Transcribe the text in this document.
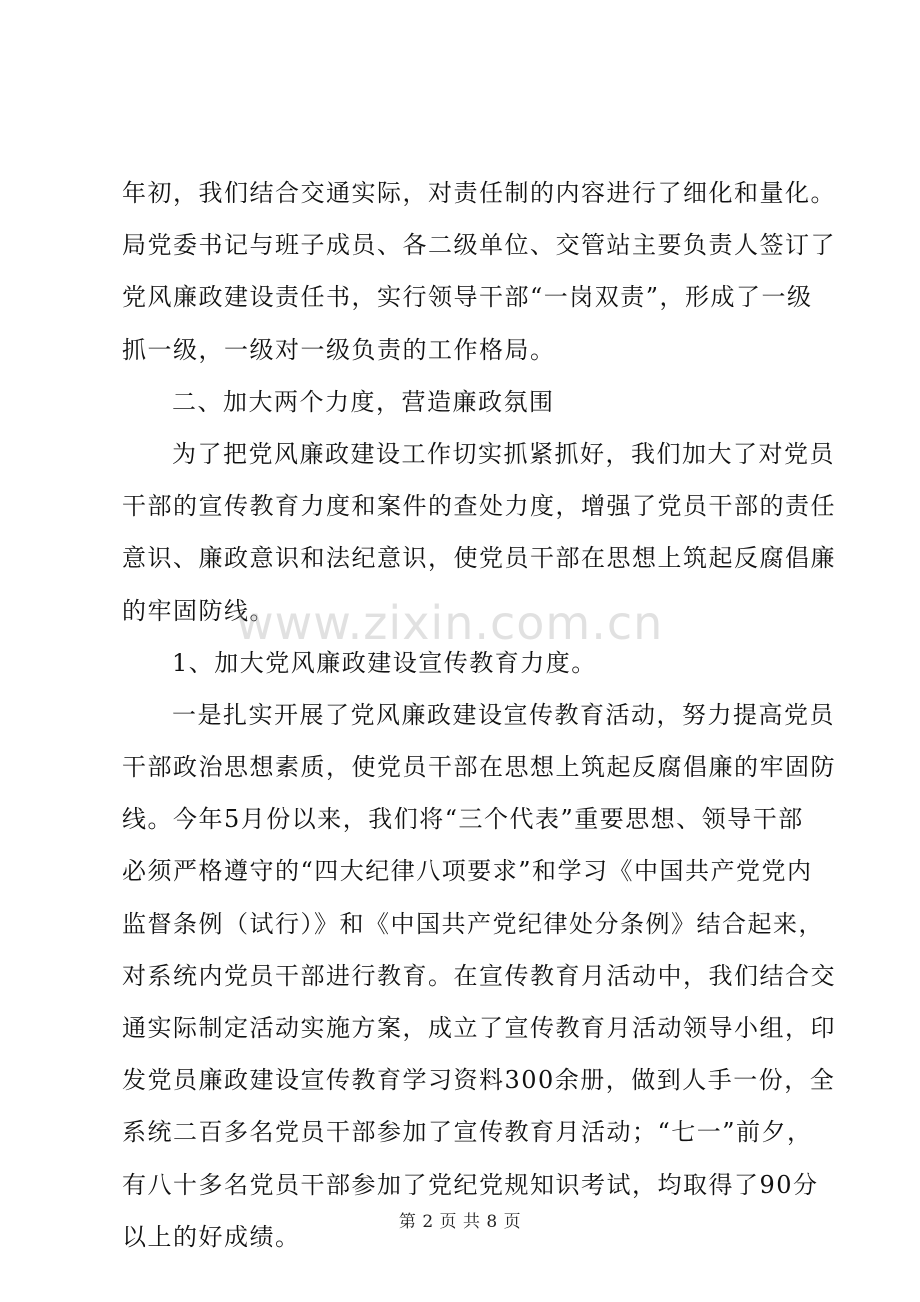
年初，我们结合交通实际，对责任制的内容进行了细化和量化。
局党委书记与班子成员、各二级单位、交管站主要负责人签订了
党风廉政建设责任书，实行领导干部“一岗双责”，形成了一级
抓一级，一级对一级负责的工作格局。
二、加大两个力度，营造廉政氛围
为了把党风廉政建设工作切实抓紧抓好，我们加大了对党员
干部的宣传教育力度和案件的查处力度，增强了党员干部的责任
意识、廉政意识和法纪意识，使党员干部在思想上筑起反腐倡廉
的牢固防线。
1、加大党风廉政建设宣传教育力度。
一是扎实开展了党风廉政建设宣传教育活动，努力提高党员
干部政治思想素质，使党员干部在思想上筑起反腐倡廉的牢固防
线。今年5月份以来，我们将“三个代表”重要思想、领导干部
必须严格遵守的“四大纪律八项要求”和学习《中国共产党党内
监督条例（试行）》和《中国共产党纪律处分条例》结合起来，
对系统内党员干部进行教育。在宣传教育月活动中，我们结合交
通实际制定活动实施方案，成立了宣传教育月活动领导小组，印
发党员廉政建设宣传教育学习资料300余册，做到人手一份，全
系统二百多名党员干部参加了宣传教育月活动；“七一”前夕，
有八十多名党员干部参加了党纪党规知识考试，均取得了90分
以上的好成绩。
www.zixin.com.cn
第 2 页 共 8 页
